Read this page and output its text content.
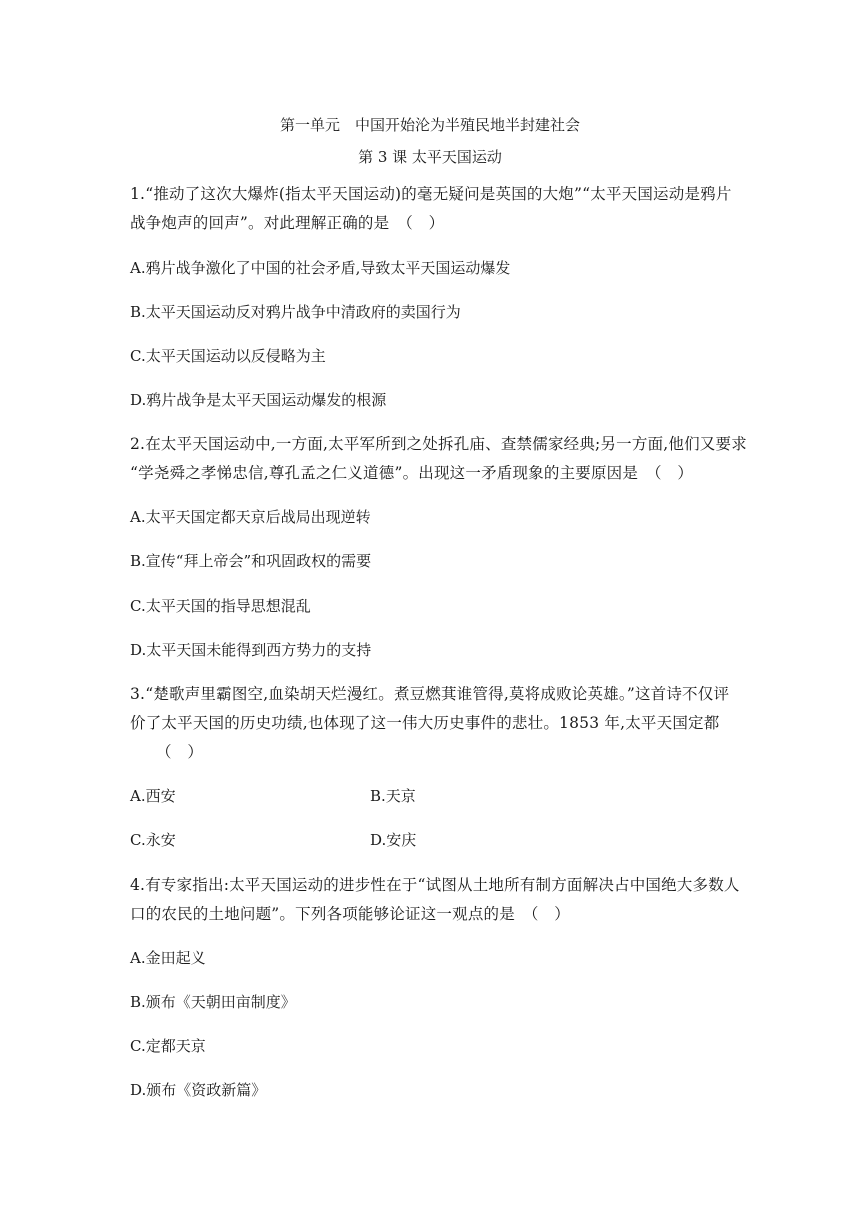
第一单元　中国开始沦为半殖民地半封建社会
第 3 课 太平天国运动
1.“推动了这次大爆炸(指太平天国运动)的毫无疑问是英国的大炮”“太平天国运动是鸦片
战争炮声的回声”。对此理解正确的是　（　）
A.鸦片战争激化了中国的社会矛盾,导致太平天国运动爆发
B.太平天国运动反对鸦片战争中清政府的卖国行为
C.太平天国运动以反侵略为主
D.鸦片战争是太平天国运动爆发的根源
2.在太平天国运动中,一方面,太平军所到之处拆孔庙、查禁儒家经典;另一方面,他们又要求
“学尧舜之孝悌忠信,尊孔孟之仁义道德”。出现这一矛盾现象的主要原因是　（　）
A.太平天国定都天京后战局出现逆转
B.宣传“拜上帝会”和巩固政权的需要
C.太平天国的指导思想混乱
D.太平天国未能得到西方势力的支持
3.“楚歌声里霸图空,血染胡天烂漫红。煮豆燃萁谁管得,莫将成败论英雄。”这首诗不仅评
价了太平天国的历史功绩,也体现了这一伟大历史事件的悲壮。1853 年,太平天国定都
（　）
A.西安	B.天京
C.永安	D.安庆
4.有专家指出:太平天国运动的进步性在于“试图从土地所有制方面解决占中国绝大多数人
口的农民的土地问题”。下列各项能够论证这一观点的是　（　）
A.金田起义
B.颁布《天朝田亩制度》
C.定都天京
D.颁布《资政新篇》
